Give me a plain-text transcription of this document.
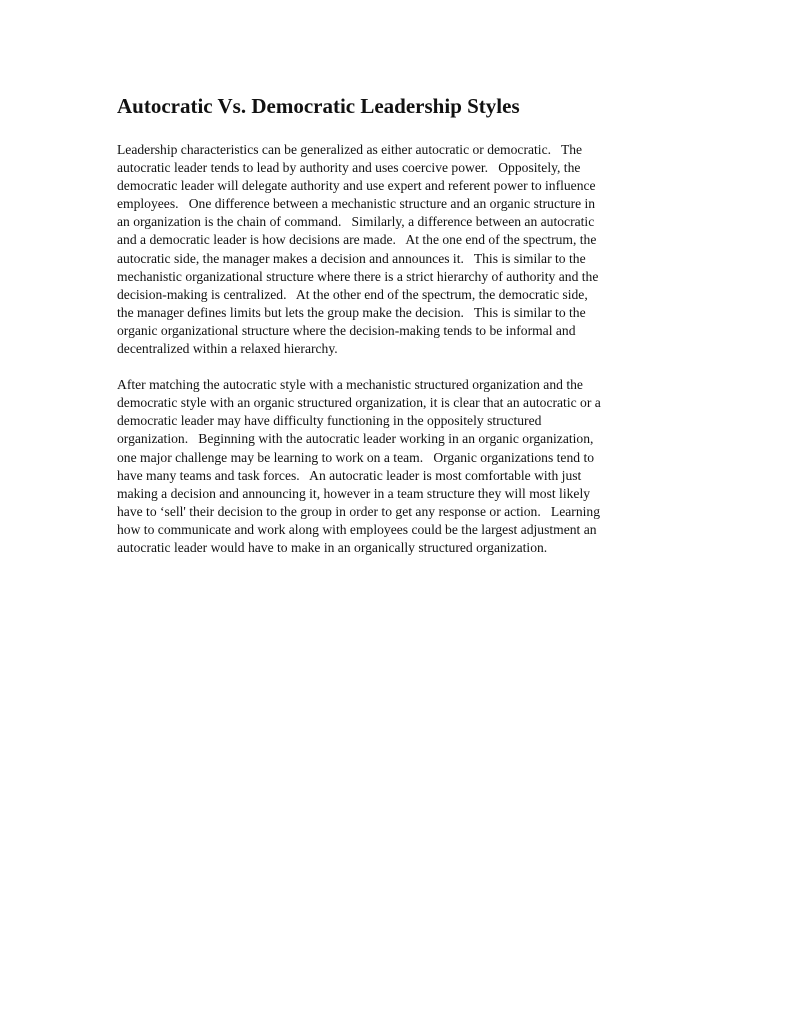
Autocratic Vs. Democratic Leadership Styles
Leadership characteristics can be generalized as either autocratic or democratic.   The
autocratic leader tends to lead by authority and uses coercive power.   Oppositely, the
democratic leader will delegate authority and use expert and referent power to influence
employees.   One difference between a mechanistic structure and an organic structure in
an organization is the chain of command.   Similarly, a difference between an autocratic
and a democratic leader is how decisions are made.   At the one end of the spectrum, the
autocratic side, the manager makes a decision and announces it.   This is similar to the
mechanistic organizational structure where there is a strict hierarchy of authority and the
decision-making is centralized.   At the other end of the spectrum, the democratic side,
the manager defines limits but lets the group make the decision.   This is similar to the
organic organizational structure where the decision-making tends to be informal and
decentralized within a relaxed hierarchy.
After matching the autocratic style with a mechanistic structured organization and the
democratic style with an organic structured organization, it is clear that an autocratic or a
democratic leader may have difficulty functioning in the oppositely structured
organization.   Beginning with the autocratic leader working in an organic organization,
one major challenge may be learning to work on a team.   Organic organizations tend to
have many teams and task forces.   An autocratic leader is most comfortable with just
making a decision and announcing it, however in a team structure they will most likely
have to ‘sell' their decision to the group in order to get any response or action.   Learning
how to communicate and work along with employees could be the largest adjustment an
autocratic leader would have to make in an organically structured organization.
